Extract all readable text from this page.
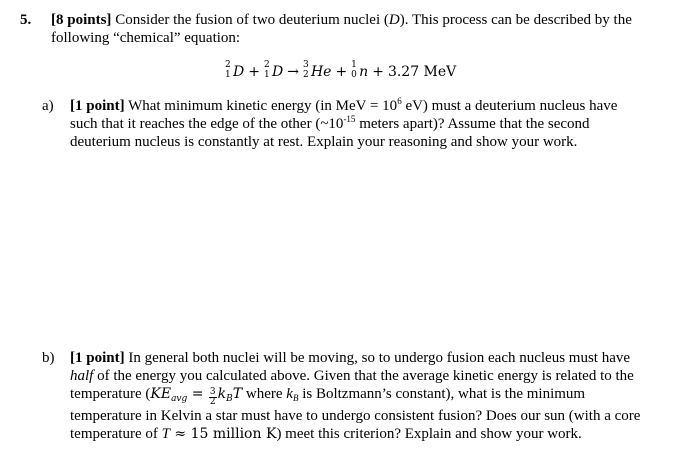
5. [8 points] Consider the fusion of two deuterium nuclei (D). This process can be described by the following “chemical” equation:
2
1 D + 2
1 D → 3
2 He + 1
0 n + 3.27 MeV
a) [1 point] What minimum kinetic energy (in MeV = $10^6$ eV) must a deuterium nucleus have such that it reaches the edge of the other ($\sim 10^{-15}$ meters apart)? Assume that the second deuterium nucleus is constantly at rest. Explain your reasoning and show your work.
b) [1 point] In general both nuclei will be moving, so to undergo fusion each nucleus must have half of the energy you calculated above. Given that the average kinetic energy is related to the temperature ($KE_{avg} = \frac{3}{2} k_BT$ where $k_B$ is Boltzmann’s constant), what is the minimum temperature in Kelvin a star must have to undergo consistent fusion? Does our sun (with a core temperature of T ≈ 15 million K) meet this criterion? Explain and show your work.
